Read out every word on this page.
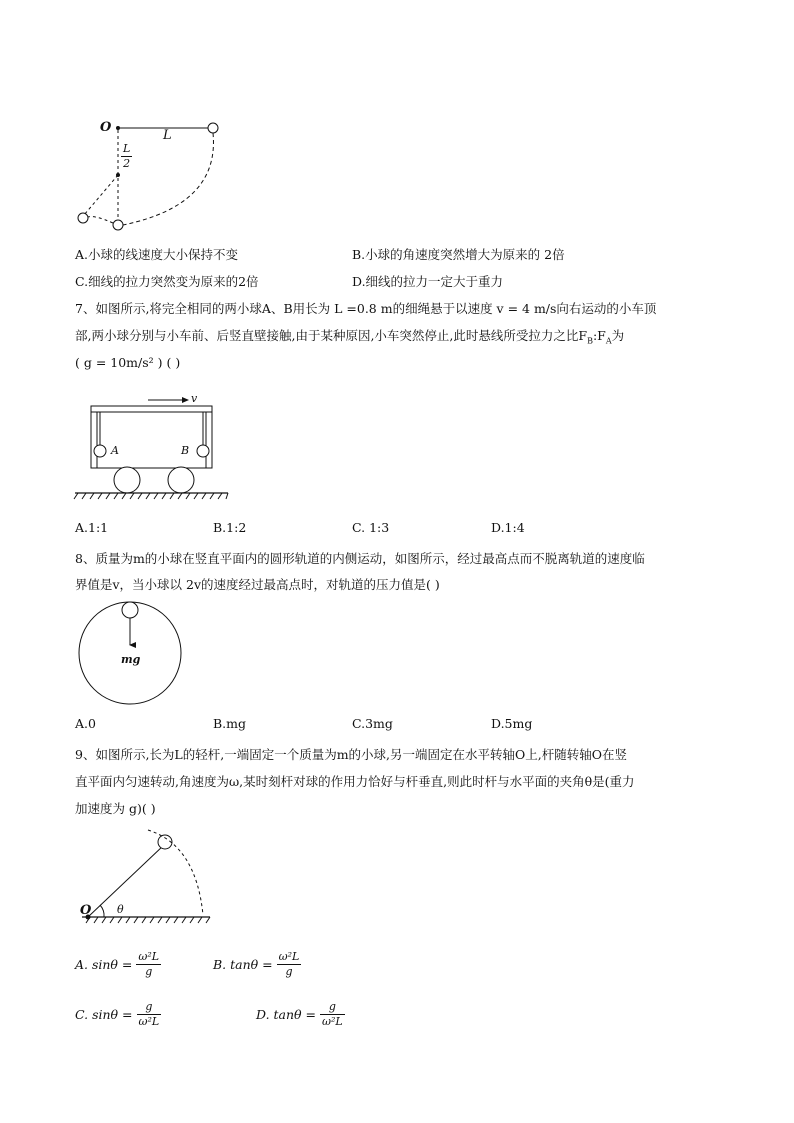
O
L
$\frac{L}{2}$
A.小球的线速度大小保持不变	B.小球的角速度突然增大为原来的 2倍
C.细线的拉力突然变为原来的2倍	D.细线的拉力一定大于重力
7、如图所示,将完全相同的两小球A、B用长为 L =0.8 m的细绳悬于以速度 v = 4 m/s向右运动的小车顶
部,两小球分别与小车前、后竖直壁接触,由于某种原因,小车突然停止,此时悬线所受拉力之比$F_B:F_A$为
( g = 10m/s² ) ( )
v
A	B
A.1:1	B.1:2	C. 1:3	D.1:4
8、质量为m的小球在竖直平面内的圆形轨道的内侧运动，如图所示，经过最高点而不脱离轨道的速度临
界值是v，当小球以 2v的速度经过最高点时，对轨道的压力值是( )
mg
A.0	B.mg	C.3mg	D.5mg
9、如图所示,长为L的轻杆,一端固定一个质量为m的小球,另一端固定在水平转轴O上,杆随转轴O在竖
直平面内匀速转动,角速度为ω,某时刻杆对球的作用力恰好与杆垂直,则此时杆与水平面的夹角θ是(重力
加速度为 g)( )
O θ
A. $\sin\theta = \frac{\text{ω²L}}{g}$	B. $\tan\theta = \frac{\text{ω²L}}{g}$
C. $\sin\theta = \frac{g}{\text{ω²L}}$	D. $\tan\theta = \frac{g}{\text{ω²L}}$
